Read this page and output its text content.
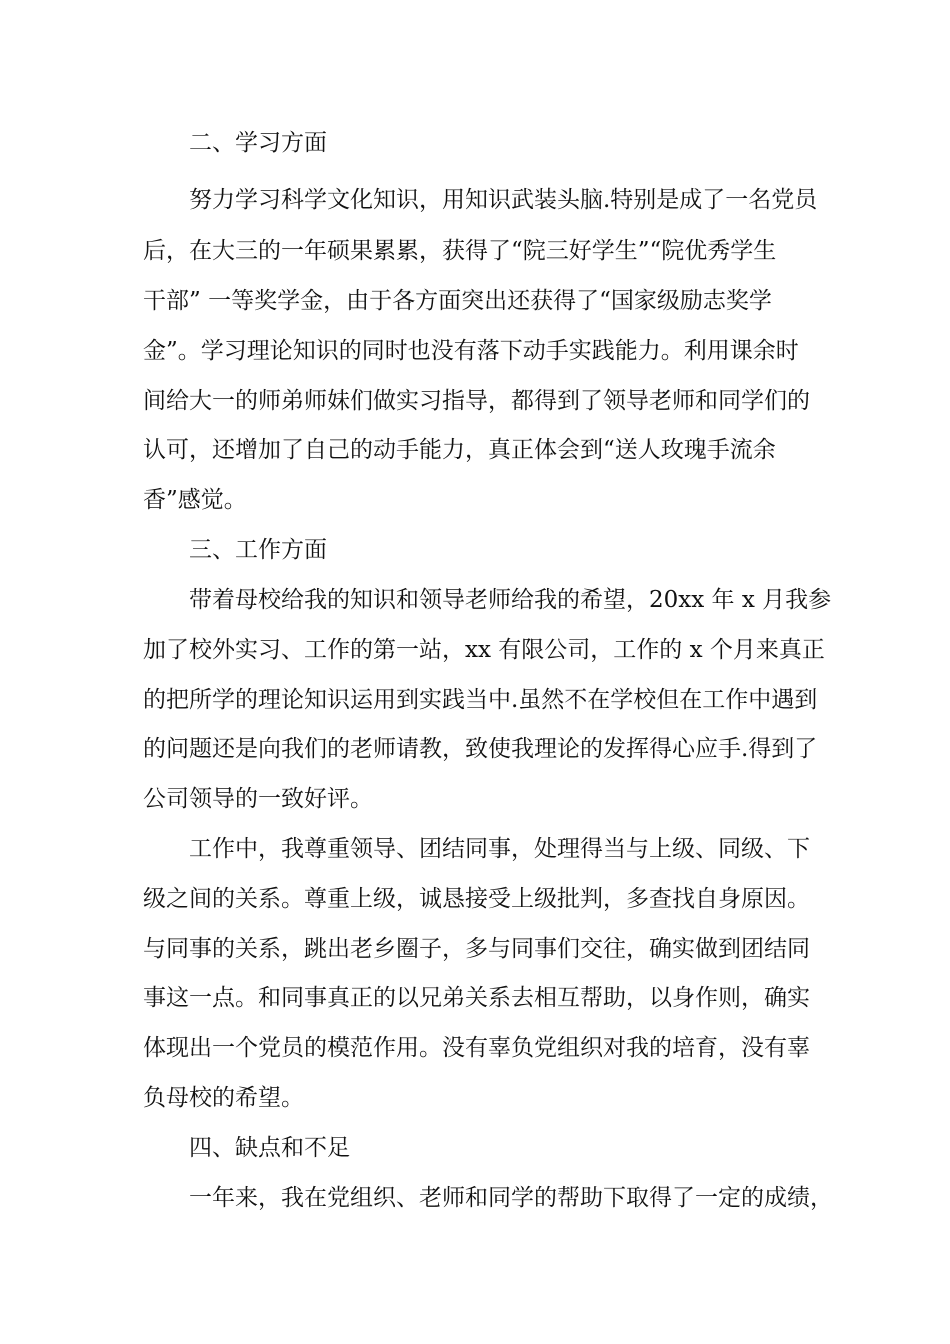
二、学习方面
努力学习科学文化知识，用知识武装头脑.特别是成了一名党员
后，在大三的一年硕果累累，获得了“院三好学生”“院优秀学生
干部” 一等奖学金，由于各方面突出还获得了“国家级励志奖学
金”。学习理论知识的同时也没有落下动手实践能力。利用课余时
间给大一的师弟师妹们做实习指导，都得到了领导老师和同学们的
认可，还增加了自己的动手能力，真正体会到“送人玫瑰手流余
香”感觉。
三、工作方面
带着母校给我的知识和领导老师给我的希望，20xx 年 x 月我参
加了校外实习、工作的第一站，xx 有限公司，工作的 x 个月来真正
的把所学的理论知识运用到实践当中.虽然不在学校但在工作中遇到
的问题还是向我们的老师请教，致使我理论的发挥得心应手.得到了
公司领导的一致好评。
工作中，我尊重领导、团结同事，处理得当与上级、同级、下
级之间的关系。尊重上级，诚恳接受上级批判，多查找自身原因。
与同事的关系，跳出老乡圈子，多与同事们交往，确实做到团结同
事这一点。和同事真正的以兄弟关系去相互帮助，以身作则，确实
体现出一个党员的模范作用。没有辜负党组织对我的培育，没有辜
负母校的希望。
四、缺点和不足
一年来，我在党组织、老师和同学的帮助下取得了一定的成绩，
